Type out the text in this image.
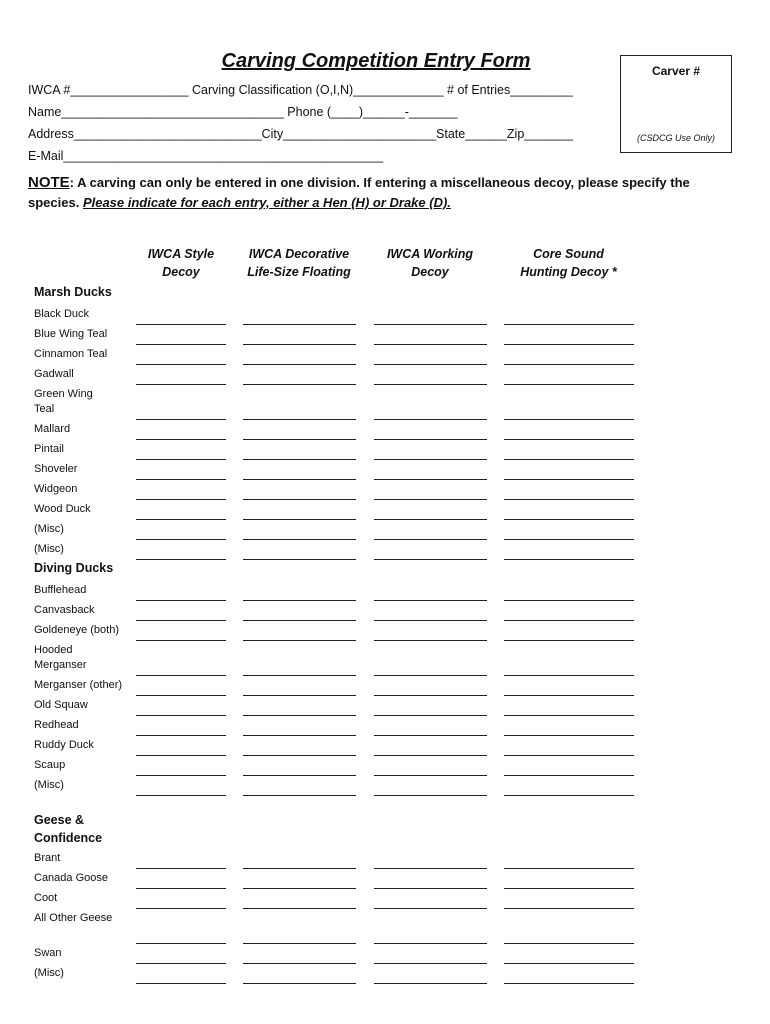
Carving Competition Entry Form	Carver #
(CSDCG Use Only)
IWCA #_________________ Carving Classification (O,I,N)_____________ # of Entries_________
Name________________________________ Phone (____)______-_______
Address___________________________City______________________State______Zip_______
E-Mail______________________________________________
NOTE: A carving can only be entered in one division. If entering a miscellaneous decoy, please specify the species. Please indicate for each entry, either a Hen (H) or Drake (D).
IWCA Style
Decoy
IWCA Decorative
Life-Size Floating
IWCA Working
Decoy
Core Sound
Hunting Decoy *
Marsh Ducks
Black Duck
Blue Wing Teal
Cinnamon Teal
Gadwall
Green Wing Teal
Mallard
Pintail
Shoveler
Widgeon
Wood Duck
(Misc)
(Misc)
Diving Ducks
Bufflehead
Canvasback
Goldeneye (both)
Hooded Merganser
Merganser (other)
Old Squaw
Redhead
Ruddy Duck
Scaup
(Misc)
Geese & Confidence
Brant
Canada Goose
Coot
All Other Geese
Swan
(Misc)
